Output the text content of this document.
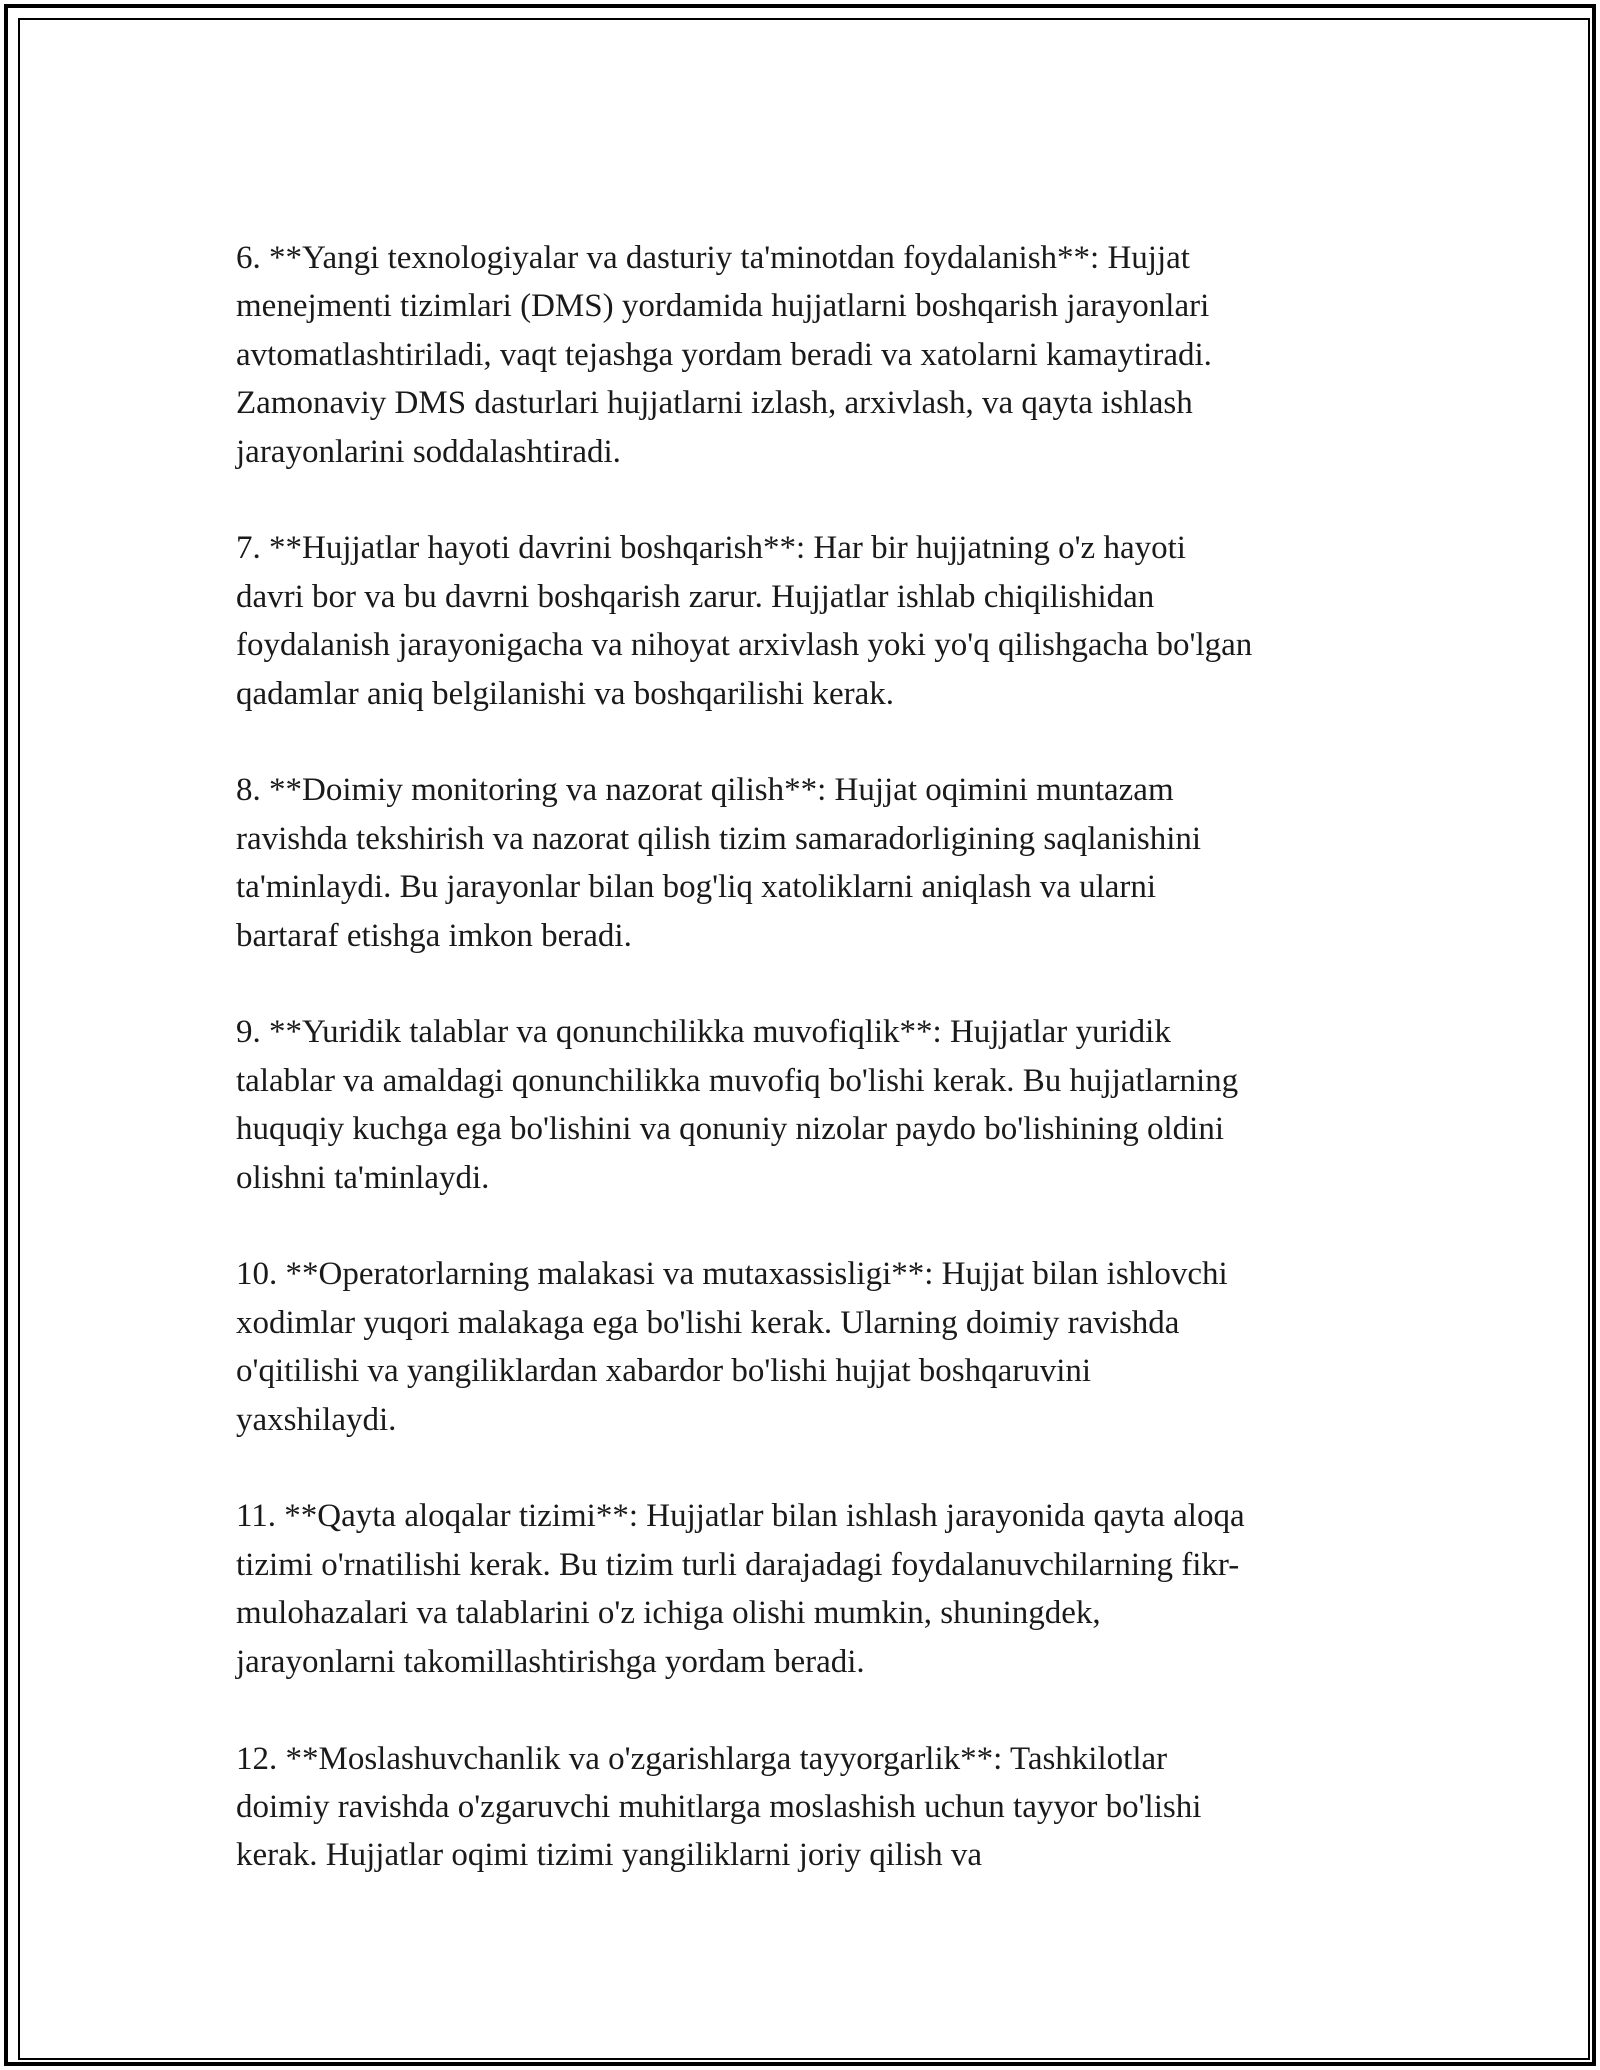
6. **Yangi texnologiyalar va dasturiy ta'minotdan foydalanish**: Hujjat
menejmenti tizimlari (DMS) yordamida hujjatlarni boshqarish jarayonlari
avtomatlashtiriladi, vaqt tejashga yordam beradi va xatolarni kamaytiradi.
Zamonaviy DMS dasturlari hujjatlarni izlash, arxivlash, va qayta ishlash
jarayonlarini soddalashtiradi.

7. **Hujjatlar hayoti davrini boshqarish**: Har bir hujjatning o'z hayoti
davri bor va bu davrni boshqarish zarur. Hujjatlar ishlab chiqilishidan
foydalanish jarayonigacha va nihoyat arxivlash yoki yo'q qilishgacha bo'lgan
qadamlar aniq belgilanishi va boshqarilishi kerak.

8. **Doimiy monitoring va nazorat qilish**: Hujjat oqimini muntazam
ravishda tekshirish va nazorat qilish tizim samaradorligining saqlanishini
ta'minlaydi. Bu jarayonlar bilan bog'liq xatoliklarni aniqlash va ularni
bartaraf etishga imkon beradi.

9. **Yuridik talablar va qonunchilikka muvofiqlik**: Hujjatlar yuridik
talablar va amaldagi qonunchilikka muvofiq bo'lishi kerak. Bu hujjatlarning
huquqiy kuchga ega bo'lishini va qonuniy nizolar paydo bo'lishining oldini
olishni ta'minlaydi.

10. **Operatorlarning malakasi va mutaxassisligi**: Hujjat bilan ishlovchi
xodimlar yuqori malakaga ega bo'lishi kerak. Ularning doimiy ravishda
o'qitilishi va yangiliklardan xabardor bo'lishi hujjat boshqaruvini
yaxshilaydi.

11. **Qayta aloqalar tizimi**: Hujjatlar bilan ishlash jarayonida qayta aloqa
tizimi o'rnatilishi kerak. Bu tizim turli darajadagi foydalanuvchilarning fikr-
mulohazalari va talablarini o'z ichiga olishi mumkin, shuningdek,
jarayonlarni takomillashtirishga yordam beradi.

12. **Moslashuvchanlik va o'zgarishlarga tayyorgarlik**: Tashkilotlar
doimiy ravishda o'zgaruvchi muhitlarga moslashish uchun tayyor bo'lishi
kerak. Hujjatlar oqimi tizimi yangiliklarni joriy qilish va
